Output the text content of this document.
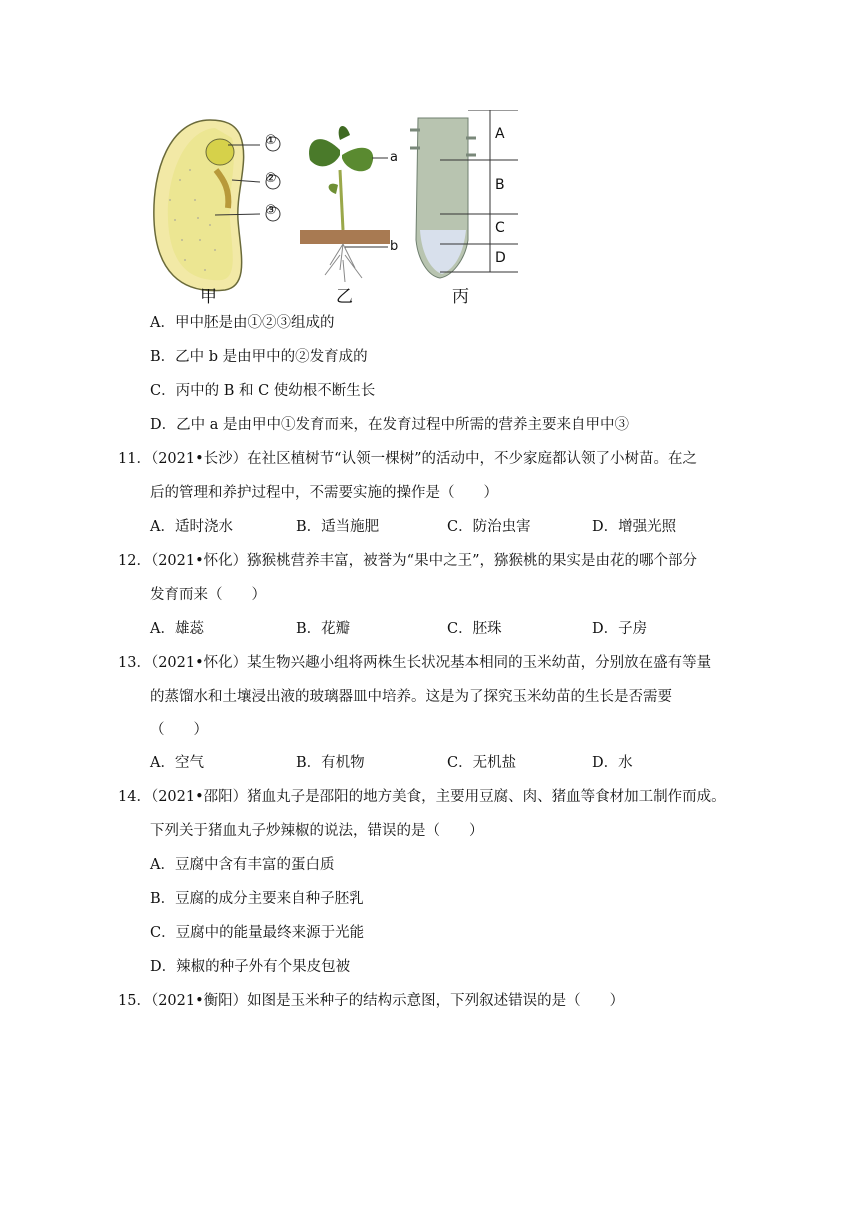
①
②
③
a
b
A
B
C
D
甲	乙	丙
A．甲中胚是由①②③组成的
B．乙中 b 是由甲中的②发育成的
C．丙中的 B 和 C 使幼根不断生长
D．乙中 a 是由甲中①发育而来，在发育过程中所需的营养主要来自甲中③
11．（2021•长沙）在社区植树节“认领一棵树”的活动中，不少家庭都认领了小树苗。在之
后的管理和养护过程中，不需要实施的操作是（　　）
A．适时浇水	B．适当施肥	C．防治虫害	D．增强光照
12．（2021•怀化）猕猴桃营养丰富，被誉为“果中之王”，猕猴桃的果实是由花的哪个部分
发育而来（　　）
A．雄蕊	B．花瓣	C．胚珠	D．子房
13．（2021•怀化）某生物兴趣小组将两株生长状况基本相同的玉米幼苗，分别放在盛有等量
的蒸馏水和土壤浸出液的玻璃器皿中培养。这是为了探究玉米幼苗的生长是否需要
（　　）
A．空气	B．有机物	C．无机盐	D．水
14．（2021•邵阳）猪血丸子是邵阳的地方美食，主要用豆腐、肉、猪血等食材加工制作而成。
下列关于猪血丸子炒辣椒的说法，错误的是（　　）
A．豆腐中含有丰富的蛋白质
B．豆腐的成分主要来自种子胚乳
C．豆腐中的能量最终来源于光能
D．辣椒的种子外有个果皮包被
15．（2021•衡阳）如图是玉米种子的结构示意图，下列叙述错误的是（　　）
